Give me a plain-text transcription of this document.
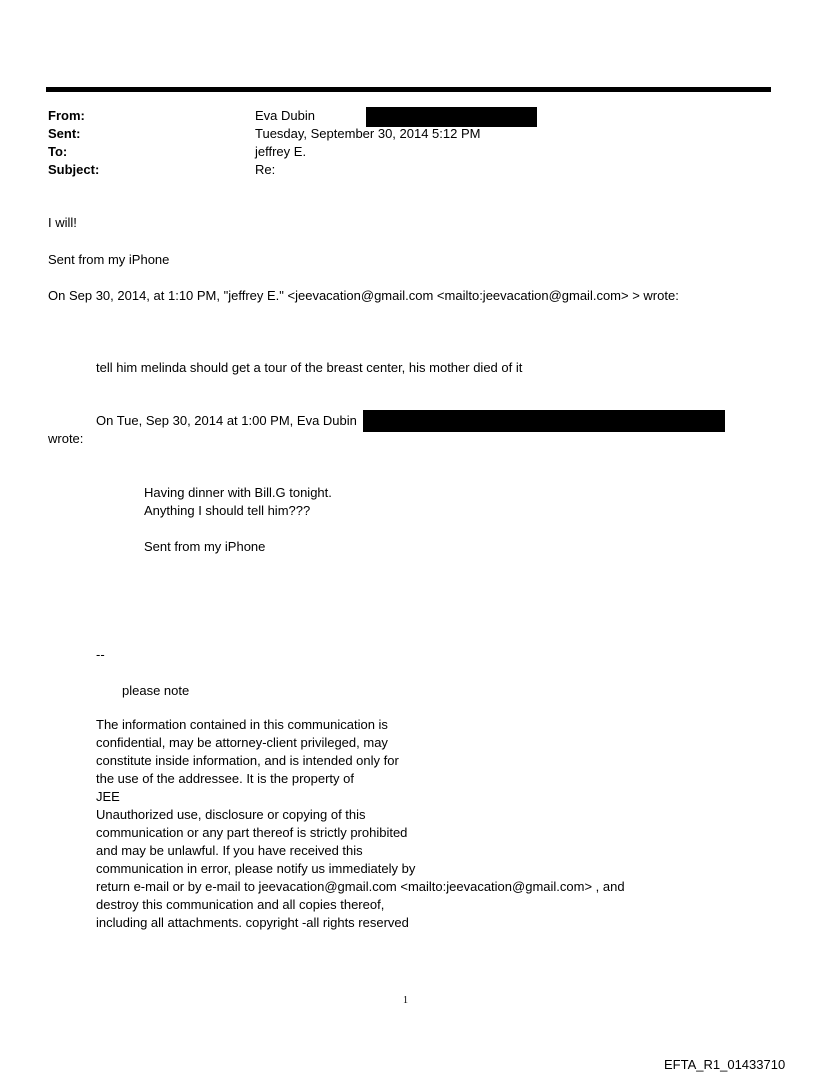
From:	Eva Dubin
Sent:	Tuesday, September 30, 2014 5:12 PM
To:	jeffrey E.
Subject:	Re:
I will!
Sent from my iPhone
On Sep 30, 2014, at 1:10 PM, "jeffrey E." <jeevacation@gmail.com <mailto:jeevacation@gmail.com> > wrote:
tell him melinda should get a tour of the breast center, his mother died of it
On Tue, Sep 30, 2014 at 1:00 PM, Eva Dubin
wrote:
Having dinner with Bill.G tonight.
Anything I should tell him???
Sent from my iPhone
--
please note
The information contained in this communication is
confidential, may be attorney-client privileged, may
constitute inside information, and is intended only for
the use of the addressee. It is the property of
JEE
Unauthorized use, disclosure or copying of this
communication or any part thereof is strictly prohibited
and may be unlawful. If you have received this
communication in error, please notify us immediately by
return e-mail or by e-mail to jeevacation@gmail.com <mailto:jeevacation@gmail.com> , and
destroy this communication and all copies thereof,
including all attachments. copyright -all rights reserved
1
EFTA_R1_01433710
